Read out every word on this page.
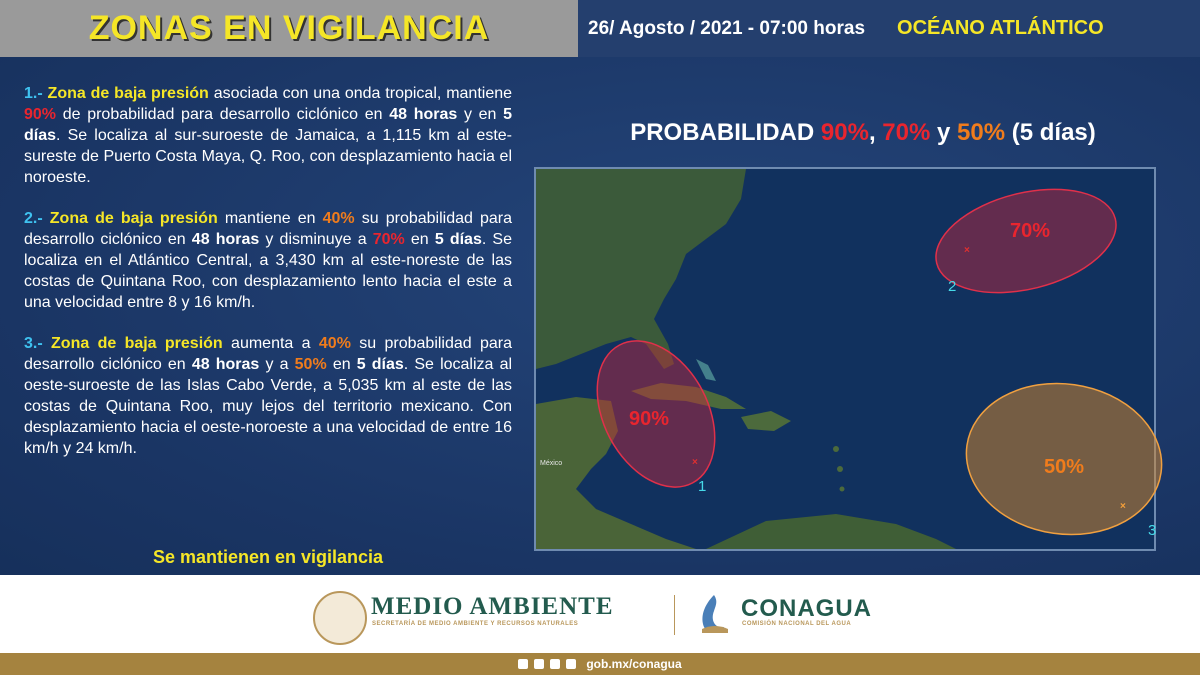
ZONAS EN VIGILANCIA	26/ Agosto / 2021 - 07:00 horas OCÉANO ATLÁNTICO
1.- Zona de baja presión asociada con una onda tropical, mantiene 90% de probabilidad para desarrollo ciclónico en 48 horas y en 5 días. Se localiza al sur-suroeste de Jamaica, a 1,115 km al este-sureste de Puerto Costa Maya, Q. Roo, con desplazamiento hacia el noroeste.
2.- Zona de baja presión mantiene en 40% su probabilidad para desarrollo ciclónico en 48 horas y disminuye a 70% en 5 días. Se localiza en el Atlántico Central, a 3,430 km al este-noreste de las costas de Quintana Roo, con desplazamiento lento hacia el este a una velocidad entre 8 y 16 km/h.
3.- Zona de baja presión aumenta a 40% su probabilidad para desarrollo ciclónico en 48 horas y a 50% en 5 días. Se localiza al oeste-suroeste de las Islas Cabo Verde, a 5,035 km al este de las costas de Quintana Roo, muy lejos del territorio mexicano. Con desplazamiento hacia el oeste-noroeste a una velocidad de entre 16 km/h y 24 km/h.
Se mantienen en vigilancia
PROBABILIDAD 90%, 70% y 50% (5 días)
×
70%
2
×
90%
1
×
50%
3
México
MEDIO AMBIENTE
SECRETARÍA DE MEDIO AMBIENTE Y RECURSOS NATURALES
CONAGUA
COMISIÓN NACIONAL DEL AGUA
gob.mx/conagua
